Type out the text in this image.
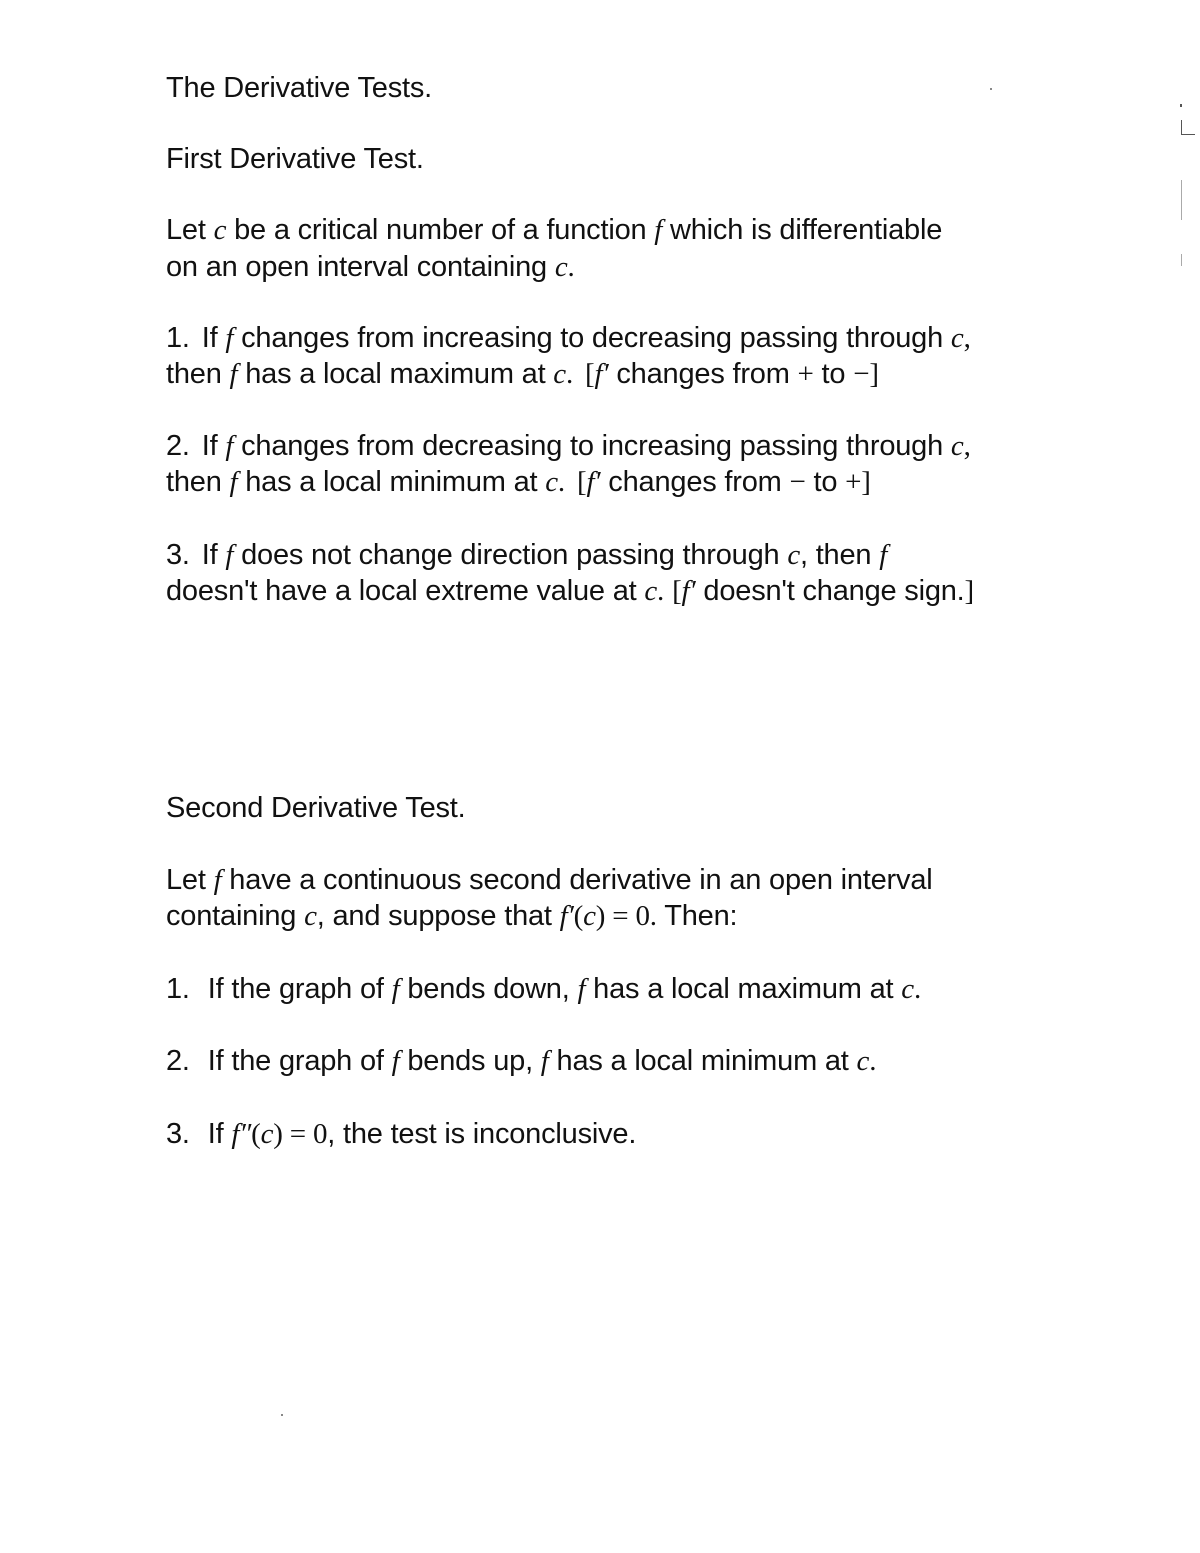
The Derivative Tests.
First Derivative Test.
Let c be a critical number of a function f which is differentiable
on an open interval containing c.
1. If f changes from increasing to decreasing passing through c,
then f has a local maximum at c. [f′ changes from + to −]
2. If f changes from decreasing to increasing passing through c,
then f has a local minimum at c. [f′ changes from − to +]
3. If f does not change direction passing through c, then f
doesn't have a local extreme value at c. [f′ doesn't change sign.]
Second Derivative Test.
Let f have a continuous second derivative in an open interval
containing c, and suppose that f′(c) = 0. Then:
1. If the graph of f bends down, f has a local maximum at c.
2. If the graph of f bends up, f has a local minimum at c.
3. If f″(c) = 0, the test is inconclusive.
